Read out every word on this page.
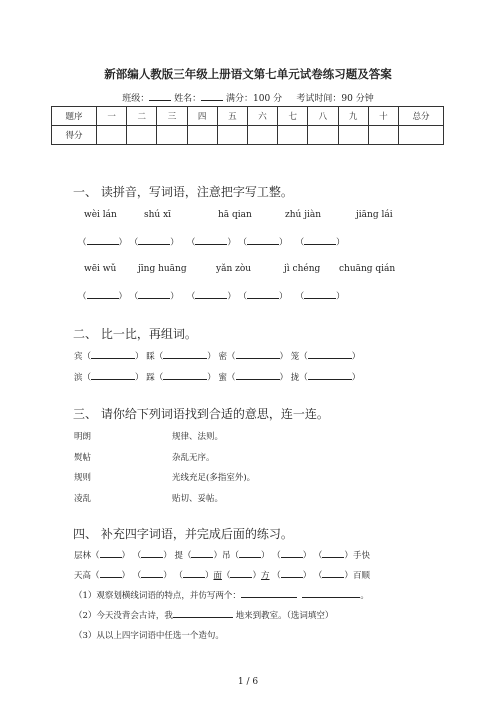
新部编人教版三年级上册语文第七单元试卷练习题及答案
班级：	姓名：	满分：100 分 考试时间：90 分钟
题序	一	二	三	四	五	六	七	八	九	十	总分
得分											
一、 读拼音，写词语，注意把字写工整。
wèi lán	shú xī	hā qian	zhú jiàn	jiāng lái
（	） （	）   （	） （	）   （	）
wēi wǔ jīng huāng	yǎn zòu	jì chéng chuāng qián
（	） （	）   （	） （	）   （	）
二、 比一比，再组词。
宾（	） 睬（	） 密（	） 笼（	）
滨（	） 踩（	） 蜜（	） 拢（	）
三、 请你给下列词语找到合适的意思，连一连。
明朗
熨帖
规则
凌乱
规律、法则。
杂乱无序。
光线充足(多指室外)。
贴切、妥帖。
四、 补充四字词语，并完成后面的练习。
层林（	） （	） 提（	）吊（	） （	） （	）手快
天高（	） （	） （	）面（	）方 （	） （	）百顺
（1）观察划横线词语的特点，并仿写两个：	。
（2）今天没背会古诗，我	地来到教室。（选词填空）
（3）从以上四字词语中任选一个造句。
1 / 6
